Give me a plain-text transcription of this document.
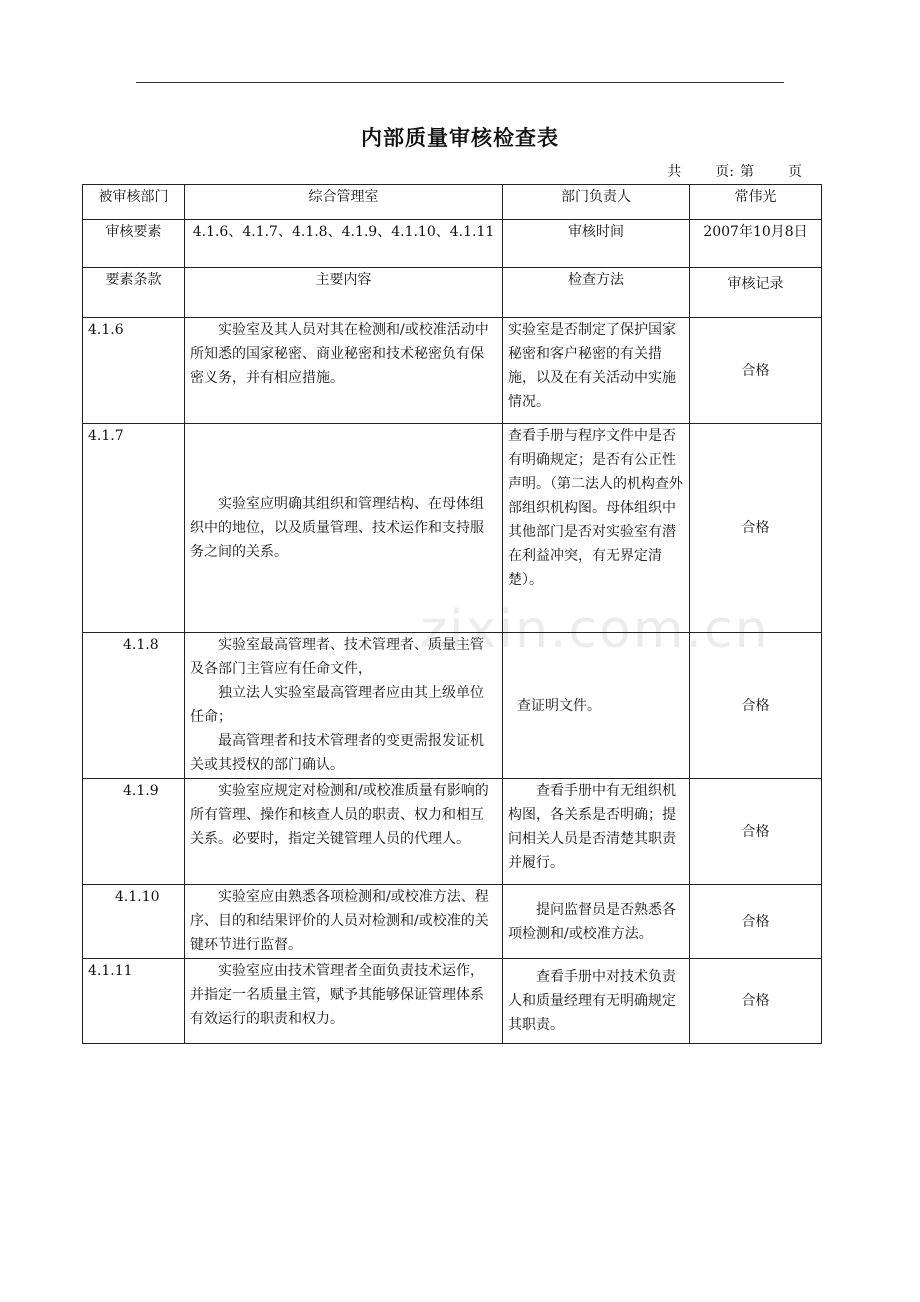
内部质量审核检查表
共 页: 第 页
zixin.com.cn
被审核部门	综合管理室	部门负责人	常伟光
审核要素	4.1.6、4.1.7、4.1.8、4.1.9、4.1.10、4.1.11	审核时间	2007年10月8日
要素条款	主要内容	检查方法	审核记录
4.1.6	实验室及其人员对其在检测和/或校准活动中所知悉的国家秘密、商业秘密和技术秘密负有保密义务，并有相应措施。	实验室是否制定了保护国家秘密和客户秘密的有关措施，以及在有关活动中实施情况。	合格
4.1.7	实验室应明确其组织和管理结构、在母体组织中的地位，以及质量管理、技术运作和支持服务之间的关系。	查看手册与程序文件中是否有明确规定；是否有公正性声明。（第二法人的机构查外部组织机构图。母体组织中其他部门是否对实验室有潜在利益冲突，有无界定清楚）。	合格
4.1.8	实验室最高管理者、技术管理者、质量主管及各部门主管应有任命文件，
独立法人实验室最高管理者应由其上级单位任命；
最高管理者和技术管理者的变更需报发证机关或其授权的部门确认。	查证明文件。	合格
4.1.9	实验室应规定对检测和/或校准质量有影响的所有管理、操作和核查人员的职责、权力和相互关系。必要时，指定关键管理人员的代理人。	查看手册中有无组织机构图，各关系是否明确；提问相关人员是否清楚其职责并履行。	合格
4.1.10	实验室应由熟悉各项检测和/或校准方法、程序、目的和结果评价的人员对检测和/或校准的关键环节进行监督。	提问监督员是否熟悉各项检测和/或校准方法。	合格
4.1.11	实验室应由技术管理者全面负责技术运作，并指定一名质量主管，赋予其能够保证管理体系有效运行的职责和权力。	查看手册中对技术负责人和质量经理有无明确规定其职责。	合格
